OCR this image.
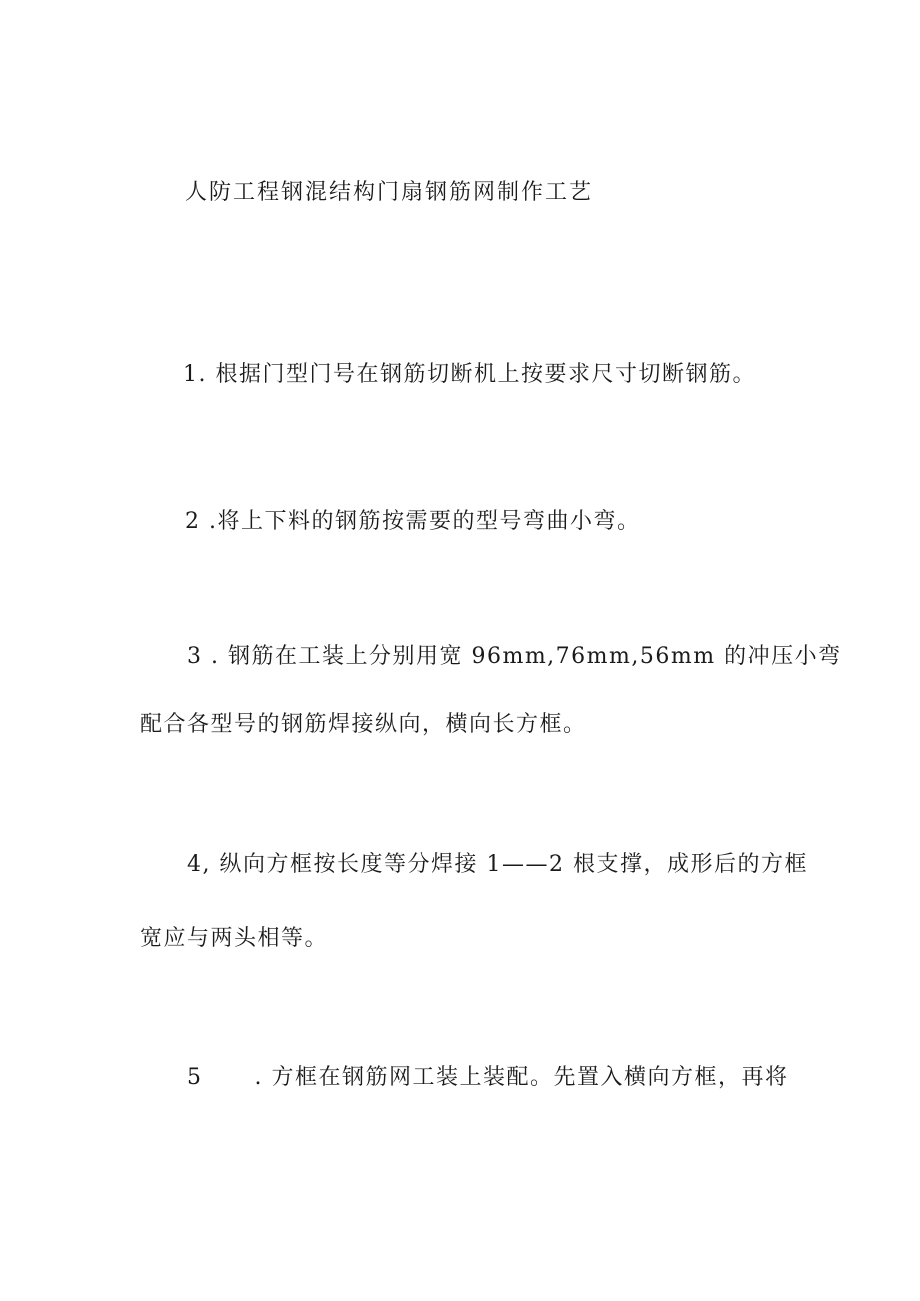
人防工程钢混结构门扇钢筋网制作工艺
1. 根据门型门号在钢筋切断机上按要求尺寸切断钢筋。
2 .将上下料的钢筋按需要的型号弯曲小弯。
3 . 钢筋在工装上分别用宽 96mm,76mm,56mm 的冲压小弯
配合各型号的钢筋焊接纵向，横向长方框。
4, 纵向方框按长度等分焊接 1——2 根支撑，成形后的方框
宽应与两头相等。
5 . 方框在钢筋网工装上装配。先置入横向方框，再将
